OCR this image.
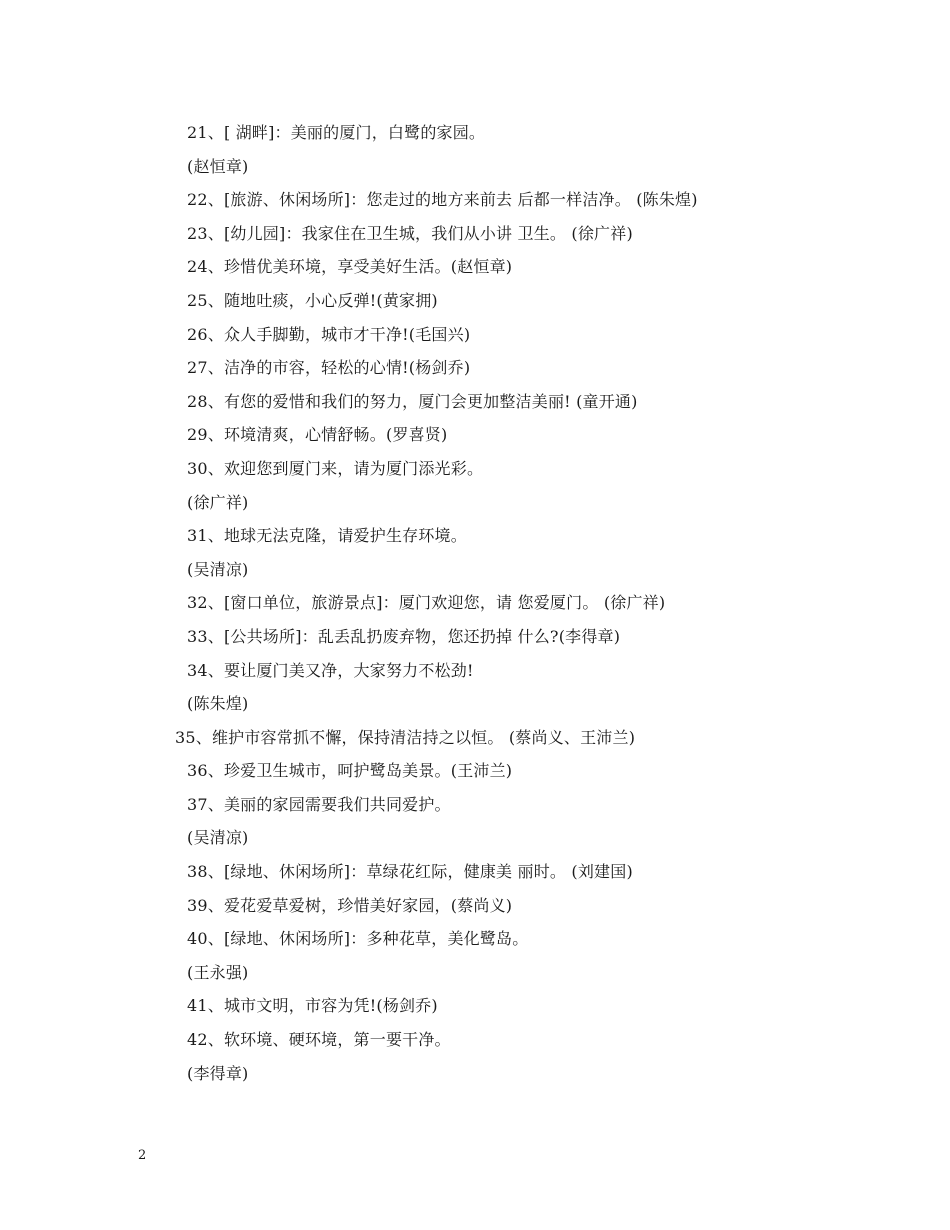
21、[ 湖畔]：美丽的厦门，白鹭的家园。
(赵恒章)
22、[旅游、休闲场所]：您走过的地方来前去 后都一样洁净。 (陈朱煌)
23、[幼儿园]：我家住在卫生城，我们从小讲 卫生。 (徐广祥)
24、珍惜优美环境，享受美好生活。(赵恒章)
25、随地吐痰，小心反弹!(黄家拥)
26、众人手脚勤，城市才干净!(毛国兴)
27、洁净的市容，轻松的心情!(杨剑乔)
28、有您的爱惜和我们的努力，厦门会更加整洁美丽! (童开通)
29、环境清爽，心情舒畅。(罗喜贤)
30、欢迎您到厦门来，请为厦门添光彩。
(徐广祥)
31、地球无法克隆，请爱护生存环境。
(吴清凉)
32、[窗口单位，旅游景点]：厦门欢迎您，请 您爱厦门。 (徐广祥)
33、[公共场所]：乱丢乱扔废弃物，您还扔掉 什么?(李得章)
34、要让厦门美又净，大家努力不松劲!
(陈朱煌)
35、维护市容常抓不懈，保持清洁持之以恒。 (蔡尚义、王沛兰)
36、珍爱卫生城市，呵护鹭岛美景。(王沛兰)
37、美丽的家园需要我们共同爱护。
(吴清凉)
38、[绿地、休闲场所]：草绿花红际，健康美 丽时。 (刘建国)
39、爱花爱草爱树，珍惜美好家园，(蔡尚义)
40、[绿地、休闲场所]：多种花草，美化鹭岛。
(王永强)
41、城市文明，市容为凭!(杨剑乔)
42、软环境、硬环境，第一要干净。
(李得章)
2
